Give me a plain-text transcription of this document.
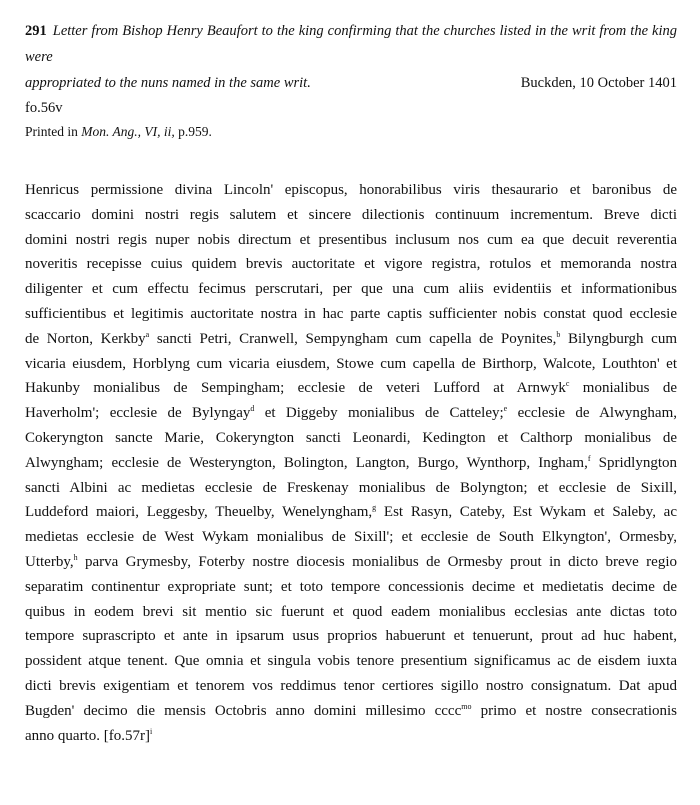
291 Letter from Bishop Henry Beaufort to the king confirming that the churches listed in the writ from the king were
appropriated to the nuns named in the same writ.	Buckden, 10 October 1401
fo.56v
Printed in Mon. Ang., VI, ii, p.959.
Henricus permissione divina Lincoln' episcopus, honorabilibus viris thesaurario et baronibus de
scaccario domini nostri regis salutem et sincere dilectionis continuum incrementum. Breve dicti
domini nostri regis nuper nobis directum et presentibus inclusum nos cum ea que decuit reverentia
noveritis recepisse cuius quidem brevis auctoritate et vigore registra, rotulos et memoranda nostra
diligenter et cum effectu fecimus perscrutari, per que una cum aliis evidentiis et informationibus
sufficientibus et legitimis auctoritate nostra in hac parte captis sufficienter nobis constat quod ecclesie
de Norton, Kerkby$^a$ sancti Petri, Cranwell, Sempyngham cum capella de Poynites,$^b$ Bilyngburgh cum
vicaria eiusdem, Horblyng cum vicaria eiusdem, Stowe cum capella de Birthorp, Walcote, Louthton' et
Hakunby monialibus de Sempingham; ecclesie de veteri Lufford at Arnwyk$^c$ monialibus de
Haverholm'; ecclesie de Bylyngay$^d$ et Diggeby monialibus de Catteley;$^e$ ecclesie de Alwyngham,
Cokeryngton sancte Marie, Cokeryngton sancti Leonardi, Kedington et Calthorp monialibus de
Alwyngham; ecclesie de Westeryngton, Bolington, Langton, Burgo, Wynthorp, Ingham,$^f$ Spridlyngton
sancti Albini ac medietas ecclesie de Freskenay monialibus de Bolyngton; et ecclesie de Sixill,
Luddeford maiori, Leggesby, Theuelby, Wenelyngham,$^g$ Est Rasyn, Cateby, Est Wykam et Saleby, ac
medietas ecclesie de West Wykam monialibus de Sixill'; et ecclesie de South Elkyngton', Ormesby,
Utterby,$^h$ parva Grymesby, Foterby nostre diocesis monialibus de Ormesby prout in dicto breve regio
separatim continentur expropriate sunt; et toto tempore concessionis decime et medietatis decime de
quibus in eodem brevi sit mentio sic fuerunt et quod eadem monialibus ecclesias ante dictas toto
tempore suprascripto et ante in ipsarum usus proprios habuerunt et tenuerunt, prout ad huc habent,
possident atque tenent. Que omnia et singula vobis tenore presentium significamus ac de eisdem iuxta
dicti brevis exigentiam et tenorem vos reddimus tenor certiores sigillo nostro consignatum. Dat apud
Bugden' decimo die mensis Octobris anno domini millesimo cccc$^{mo}$ primo et nostre consecrationis
anno quarto. $[fo.57r]^i$
